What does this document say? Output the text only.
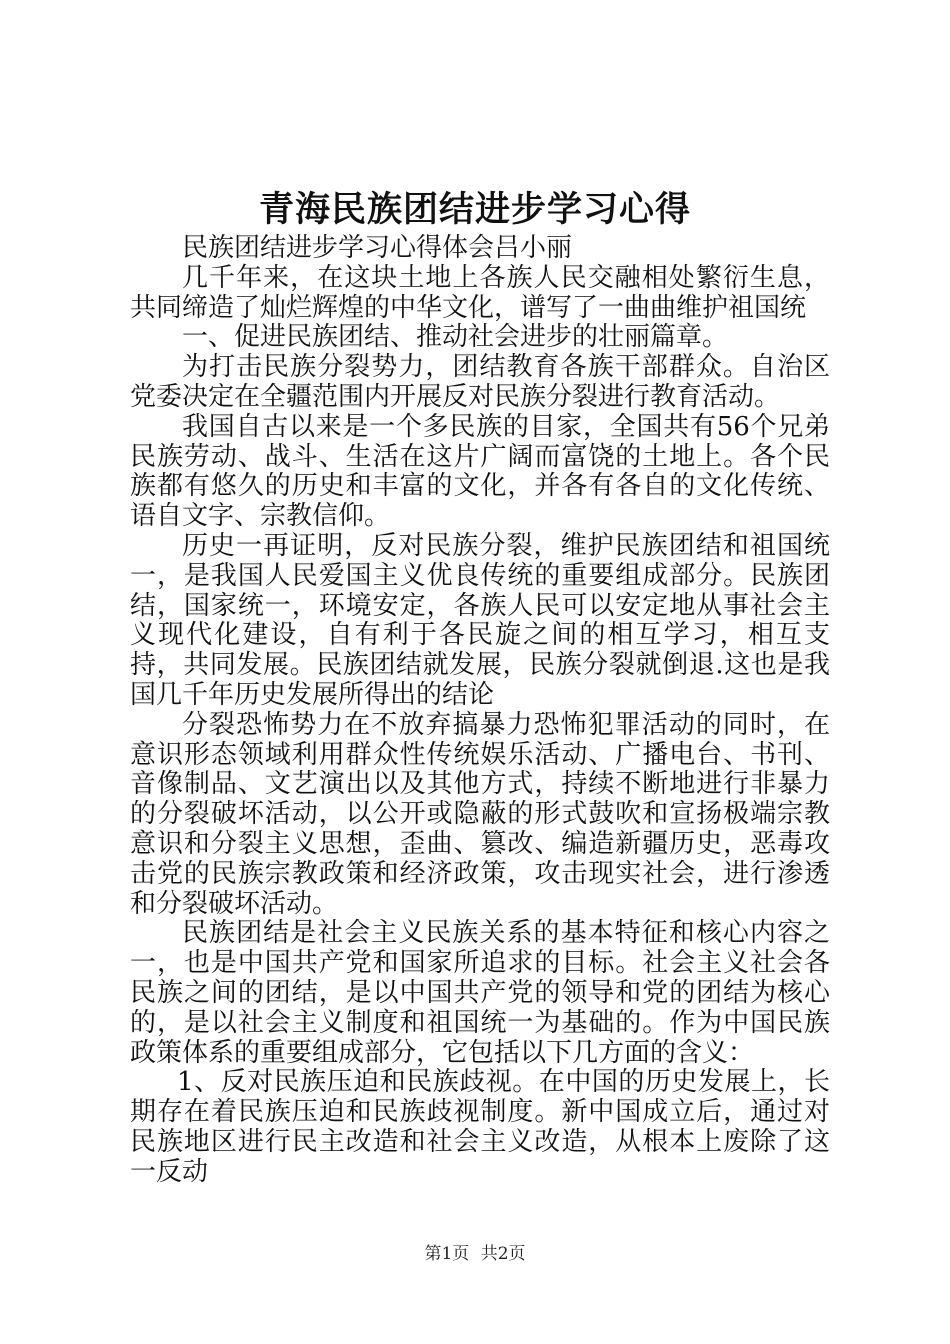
青海民族团结进步学习心得

民族团结进步学习心得体会吕小丽

几千年来，在这块土地上各族人民交融相处繁衍生息，共同缔造了灿烂辉煌的中华文化，谱写了一曲曲维护祖国统

一、促进民族团结、推动社会进步的壮丽篇章。

为打击民族分裂势力，团结教育各族干部群众。自治区党委决定在全疆范围内开展反对民族分裂进行教育活动。

我国自古以来是一个多民族的目家，全国共有56个兄弟民族劳动、战斗、生活在这片广阔而富饶的土地上。各个民族都有悠久的历史和丰富的文化，并各有各自的文化传统、语自文字、宗教信仰。

历史一再证明，反对民族分裂，维护民族团结和祖国统一，是我国人民爱国主义优良传统的重要组成部分。民族团结，国家统一，环境安定，各族人民可以安定地从事社会主义现代化建设，自有利于各民旋之间的相互学习，相互支持，共同发展。民族团结就发展，民族分裂就倒退.这也是我国几千年历史发展所得出的结论

分裂恐怖势力在不放弃搞暴力恐怖犯罪活动的同时，在意识形态领域利用群众性传统娱乐活动、广播电台、书刊、音像制品、文艺演出以及其他方式，持续不断地进行非暴力的分裂破坏活动，以公开或隐蔽的形式鼓吹和宣扬极端宗教意识和分裂主义思想，歪曲、篡改、编造新疆历史，恶毒攻击党的民族宗教政策和经济政策，攻击现实社会，进行渗透和分裂破坏活动。

民族团结是社会主义民族关系的基本特征和核心内容之一，也是中国共产党和国家所追求的目标。社会主义社会各民族之间的团结，是以中国共产党的领导和党的团结为核心的，是以社会主义制度和祖国统一为基础的。作为中国民族政策体系的重要组成部分，它包括以下几方面的含义：

1、反对民族压迫和民族歧视。在中国的历史发展上，长期存在着民族压迫和民族歧视制度。新中国成立后，通过对民族地区进行民主改造和社会主义改造，从根本上废除了这一反动

第1页 共2页
